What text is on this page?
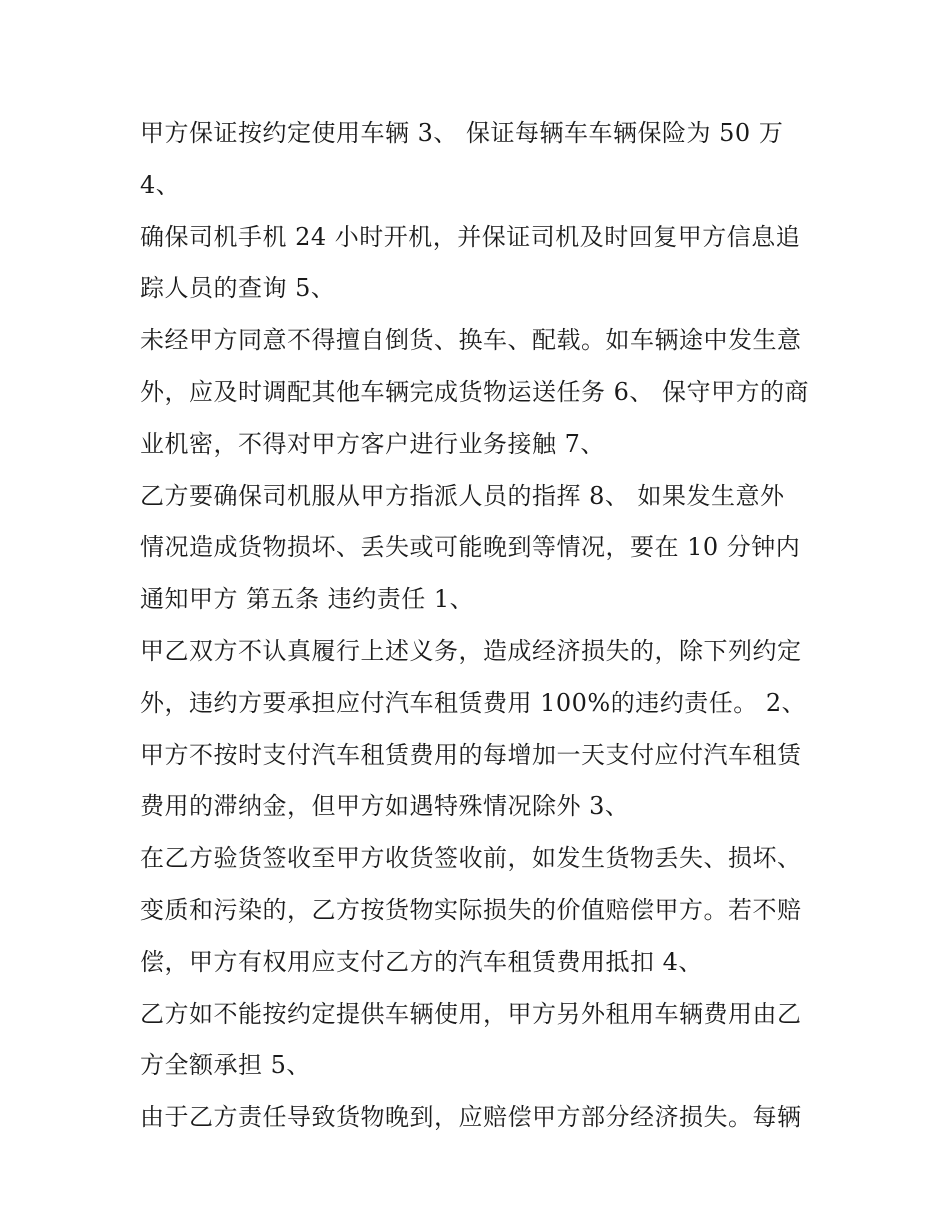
甲方保证按约定使用车辆 3、 保证每辆车车辆保险为 50 万
4、
确保司机手机 24 小时开机，并保证司机及时回复甲方信息追
踪人员的查询 5、
未经甲方同意不得擅自倒货、换车、配载。如车辆途中发生意
外，应及时调配其他车辆完成货物运送任务 6、 保守甲方的商
业机密，不得对甲方客户进行业务接触 7、
乙方要确保司机服从甲方指派人员的指挥 8、 如果发生意外
情况造成货物损坏、丢失或可能晚到等情况，要在 10 分钟内
通知甲方 第五条 违约责任 1、
甲乙双方不认真履行上述义务，造成经济损失的，除下列约定
外，违约方要承担应付汽车租赁费用 100%的违约责任。 2、
甲方不按时支付汽车租赁费用的每增加一天支付应付汽车租赁
费用的滞纳金，但甲方如遇特殊情况除外 3、
在乙方验货签收至甲方收货签收前，如发生货物丢失、损坏、
变质和污染的，乙方按货物实际损失的价值赔偿甲方。若不赔
偿，甲方有权用应支付乙方的汽车租赁费用抵扣 4、
乙方如不能按约定提供车辆使用，甲方另外租用车辆费用由乙
方全额承担 5、
由于乙方责任导致货物晚到，应赔偿甲方部分经济损失。每辆
